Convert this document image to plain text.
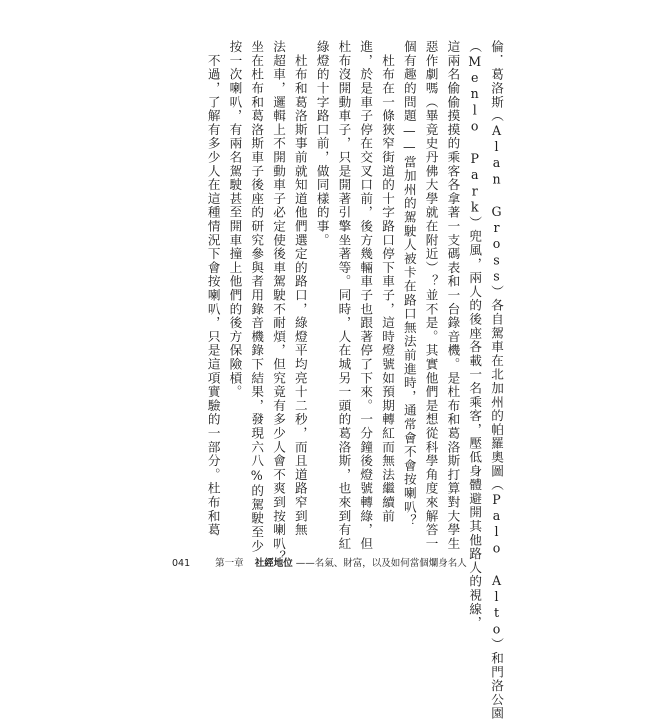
倫．葛洛斯（Alan Gross）各自駕車在北加州的帕羅奧圖（Palo Alto）和門洛公園

（Menlo Park）兜風，兩人的後座各載一名乘客，壓低身體避開其他路人的視線，

這兩名偷偷摸摸的乘客各拿著一支碼表和一台錄音機。是杜布和葛洛斯打算對大學生

惡作劇嗎（畢竟史丹佛大學就在附近）？並不是。其實他們是想從科學角度來解答一

個有趣的問題——當加州的駕駛人被卡在路口無法前進時，通常會不會按喇叭？

　杜布在一條狹窄街道的十字路口停下車子，這時燈號如預期轉紅而無法繼續前

進，於是車子停在交叉口前，後方幾輛車子也跟著停了下來。一分鐘後燈號轉綠，但

杜布沒開動車子，只是開著引擎坐著等。同時，人在城另一頭的葛洛斯，也來到有紅

綠燈的十字路口前，做同樣的事。

　杜布和葛洛斯事前就知道他們選定的路口，綠燈平均亮十二秒，而且道路窄到無

法超車，邏輯上不開動車子必定使後車駕駛不耐煩，但究竟有多少人會不爽到按喇叭？

坐在杜布和葛洛斯車子後座的研究參與者用錄音機錄下結果，發現六八%的駕駛至少

按一次喇叭，有兩名駕駛甚至開車撞上他們的後方保險槓。

　不過，了解有多少人在這種情況下會按喇叭，只是這項實驗的一部分。杜布和葛

041	第一章 社經地位 ——名氣、財富，以及如何當個爛身名人
